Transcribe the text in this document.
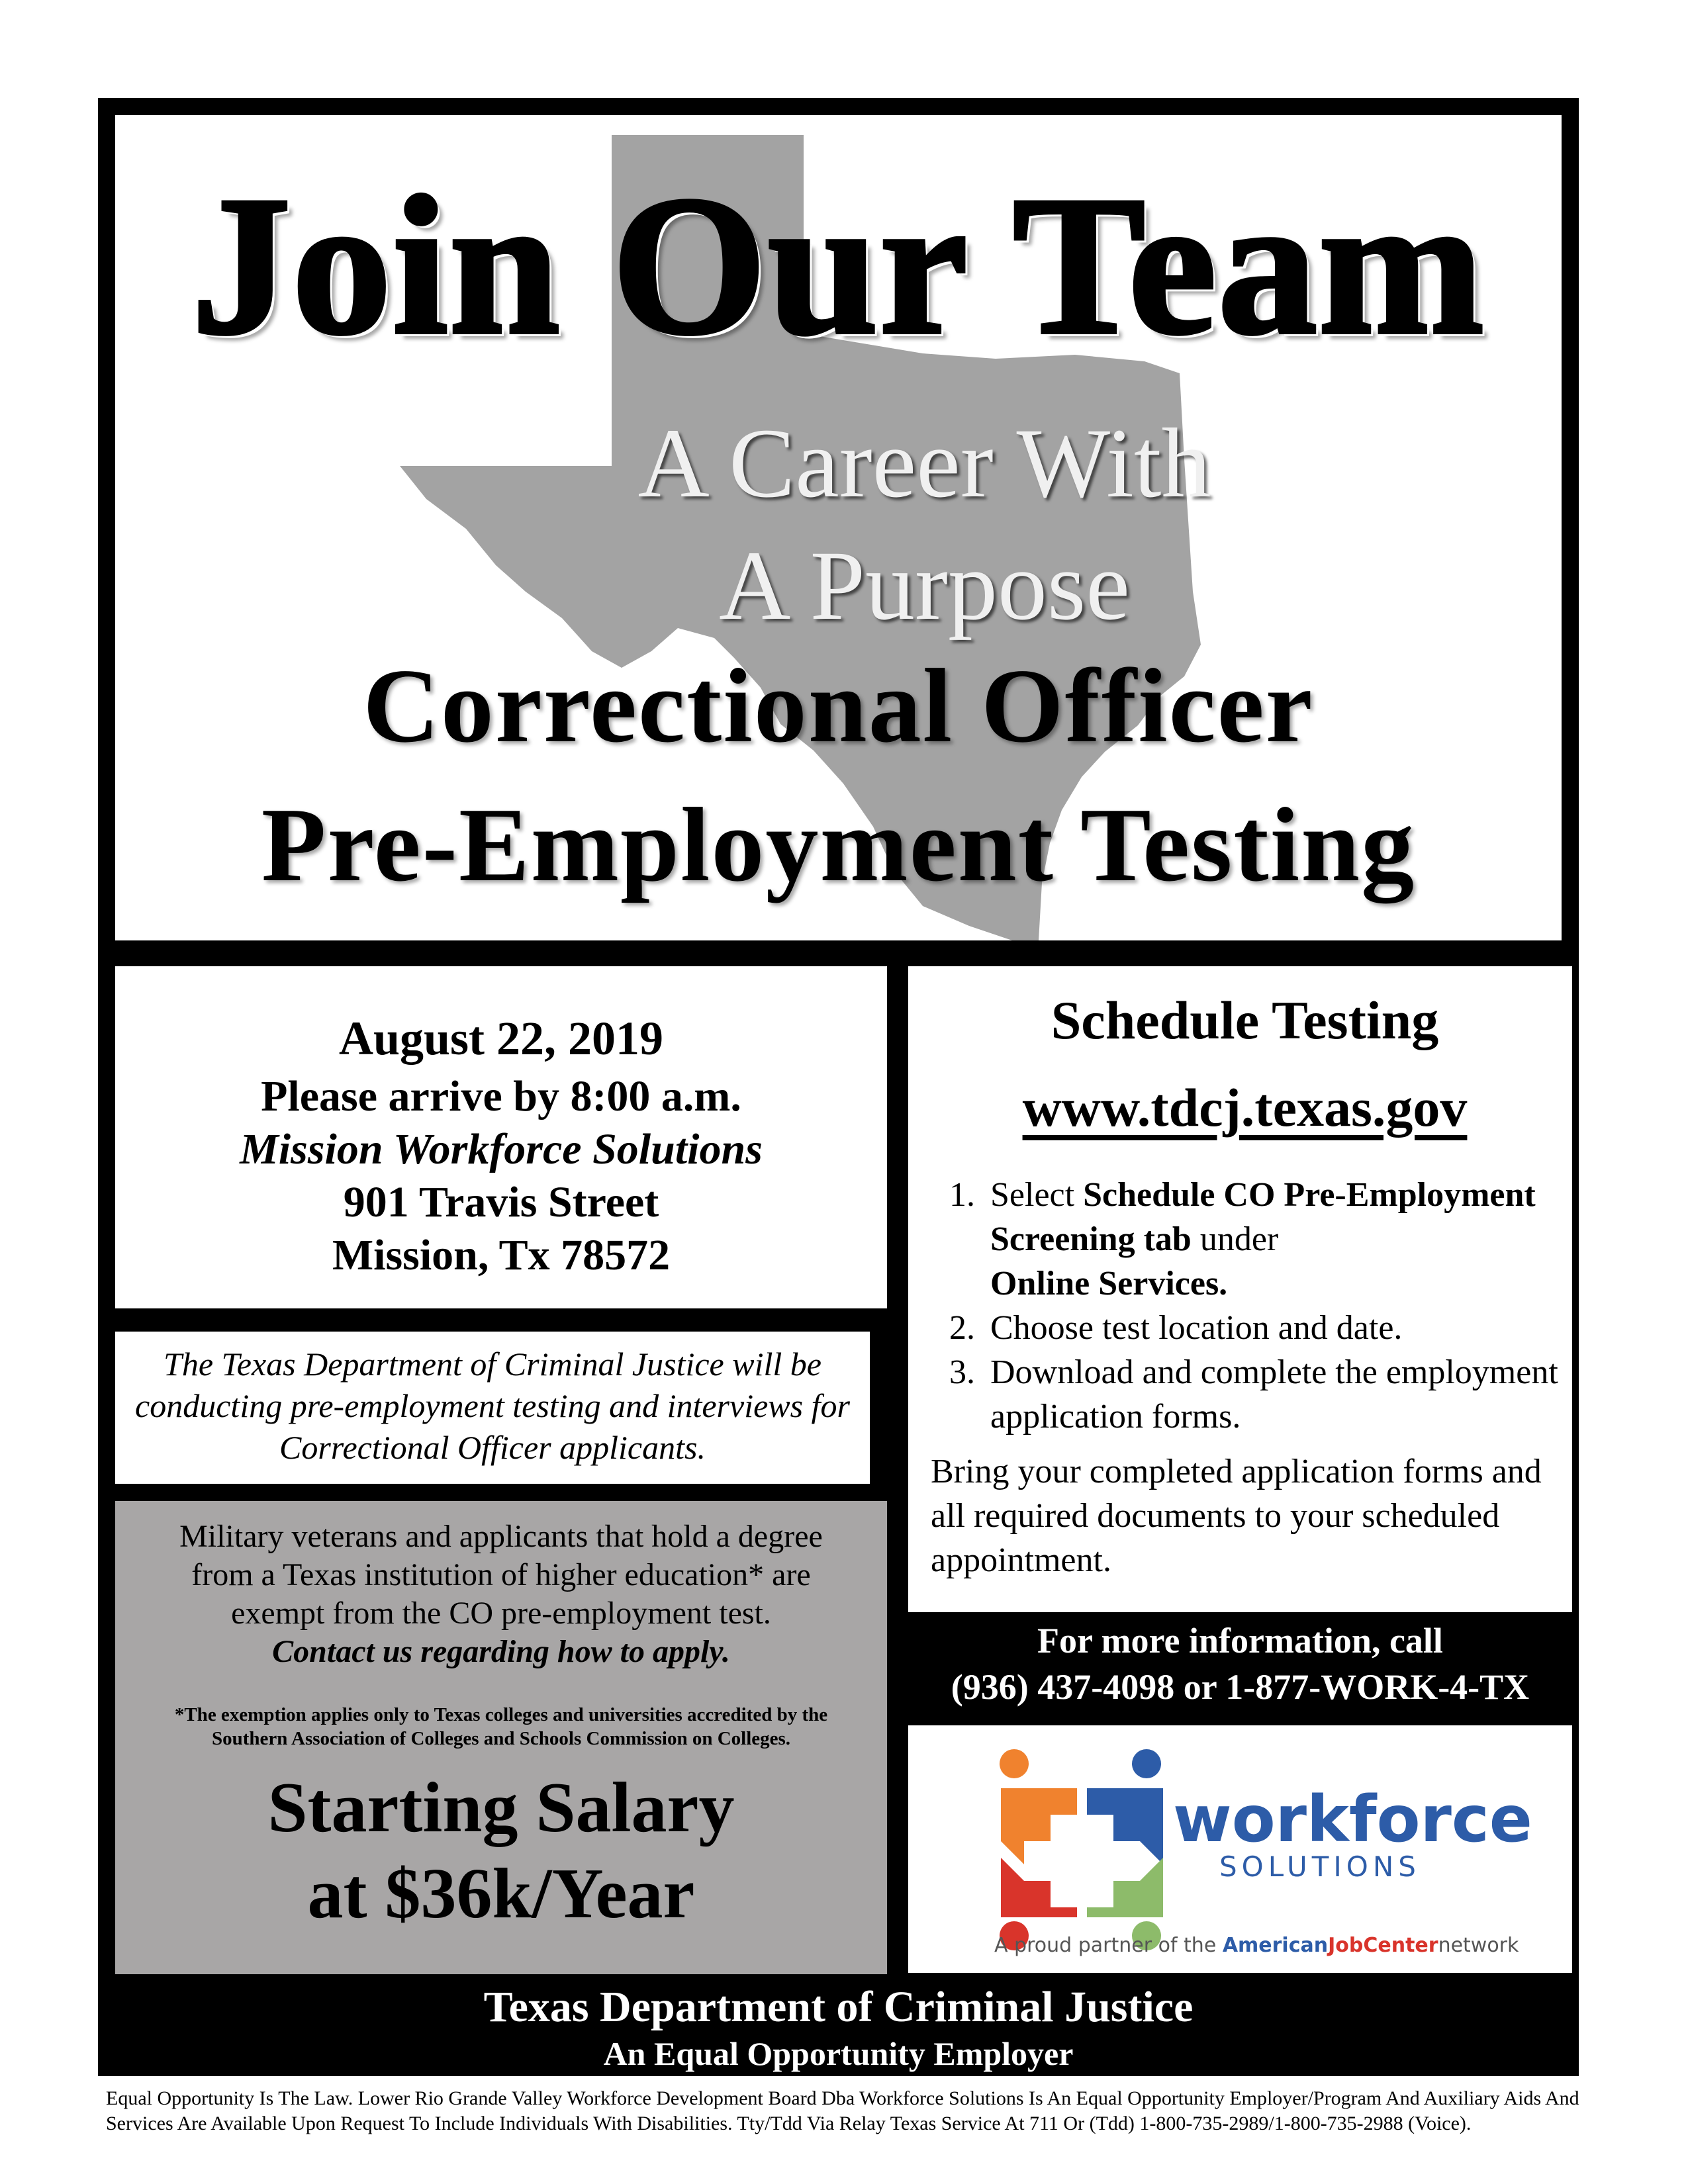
Join Our Team
A Career With
A Purpose
Correctional Officer
Pre-Employment Testing
August 22, 2019
Please arrive by 8:00 a.m.
Mission Workforce Solutions
901 Travis Street
Mission, Tx 78572
The Texas Department of Criminal Justice will be conducting pre-employment testing and interviews for Correctional Officer applicants.
Military veterans and applicants that hold a degree from a Texas institution of higher education* are exempt from the CO pre-employment test.
Contact us regarding how to apply.
*The exemption applies only to Texas colleges and universities accredited by the Southern Association of Colleges and Schools Commission on Colleges.
Starting Salary
at $36k/Year
Schedule Testing
www.tdcj.texas.gov
1. Select Schedule CO Pre-Employment Screening tab under
Online Services.
2. Choose test location and date.
3. Download and complete the employment application forms.
Bring your completed application forms and all required documents to your scheduled appointment.
For more information, call
(936) 437-4098 or 1-877-WORK-4-TX
workforce
SOLUTIONS
A proud partner of the AmericanJobCenternetwork
Texas Department of Criminal Justice
An Equal Opportunity Employer
Equal Opportunity Is The Law. Lower Rio Grande Valley Workforce Development Board Dba Workforce Solutions Is An Equal Opportunity Employer/Program And Auxiliary Aids And Services Are Available Upon Request To Include Individuals With Disabilities. Tty/Tdd Via Relay Texas Service At 711 Or (Tdd) 1-800-735-2989/1-800-735-2988 (Voice).
